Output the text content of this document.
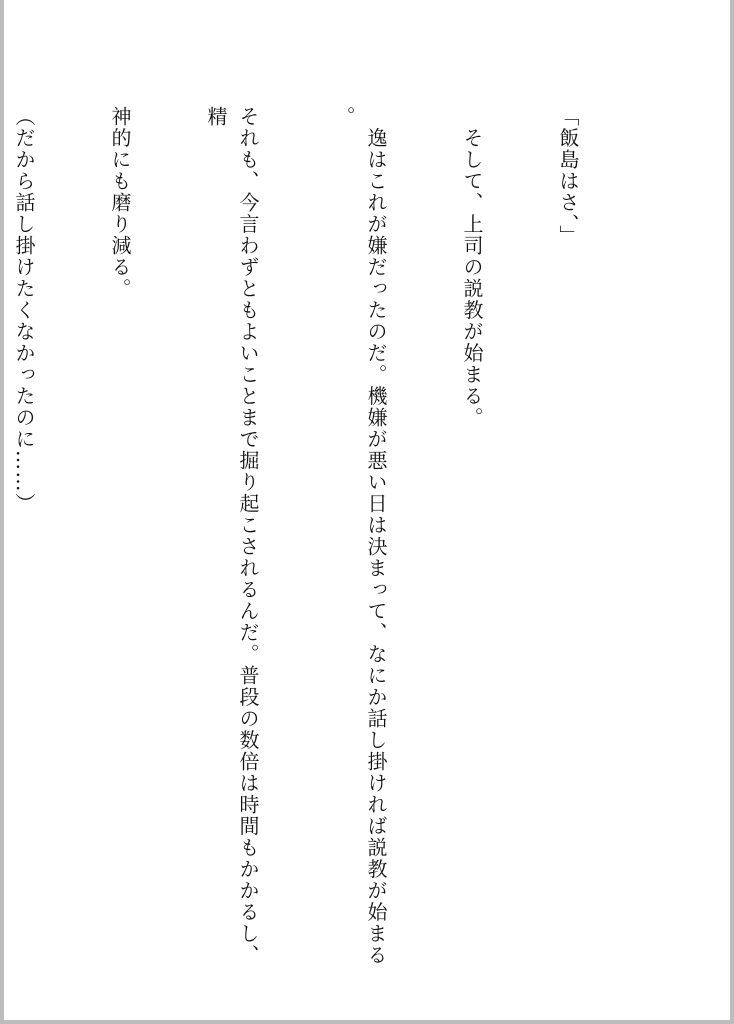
「飯島はさ、」

　そして、上司の説教が始まる。

　逸はこれが嫌だったのだ。機嫌が悪い日は決まって、なにか話し掛ければ説教が始まる。

それも、今言わずともよいことまで掘り起こされるんだ。普段の数倍は時間もかかるし、精

神的にも磨り減る。

（だから話し掛けたくなかったのに……）
